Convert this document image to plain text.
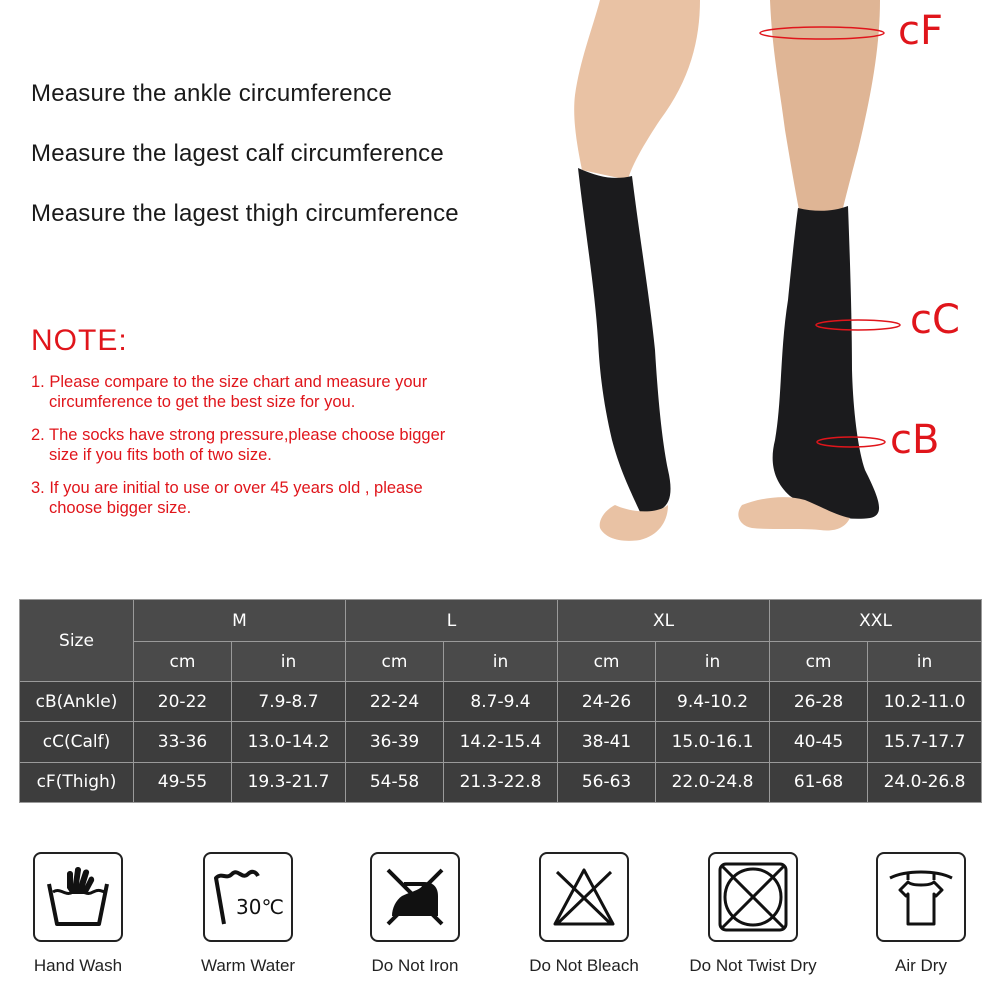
Measure the ankle circumference
Measure the lagest calf circumference
Measure the lagest thigh circumference
NOTE:
1. Please compare to the size chart and measure your
circumference to get the best size for you.
2. The socks have strong pressure,please choose bigger
size if you fits both of two size.
3. If you are initial to use or over 45 years old , please
choose bigger size.
cF
cC
cB
Size	M		L		XL		XXL	
	cm	in	cm	in	cm	in	cm	in
cB(Ankle)	20-22	7.9-8.7	22-24	8.7-9.4	24-26	9.4-10.2	26-28	10.2-11.0
cC(Calf)	33-36	13.0-14.2	36-39	14.2-15.4	38-41	15.0-16.1	40-45	15.7-17.7
cF(Thigh)	49-55	19.3-21.7	54-58	21.3-22.8	56-63	22.0-24.8	61-68	24.0-26.8
Hand Wash
30℃
Warm Water	Do Not Iron	Do Not Bleach	Do Not Twist Dry	Air Dry
